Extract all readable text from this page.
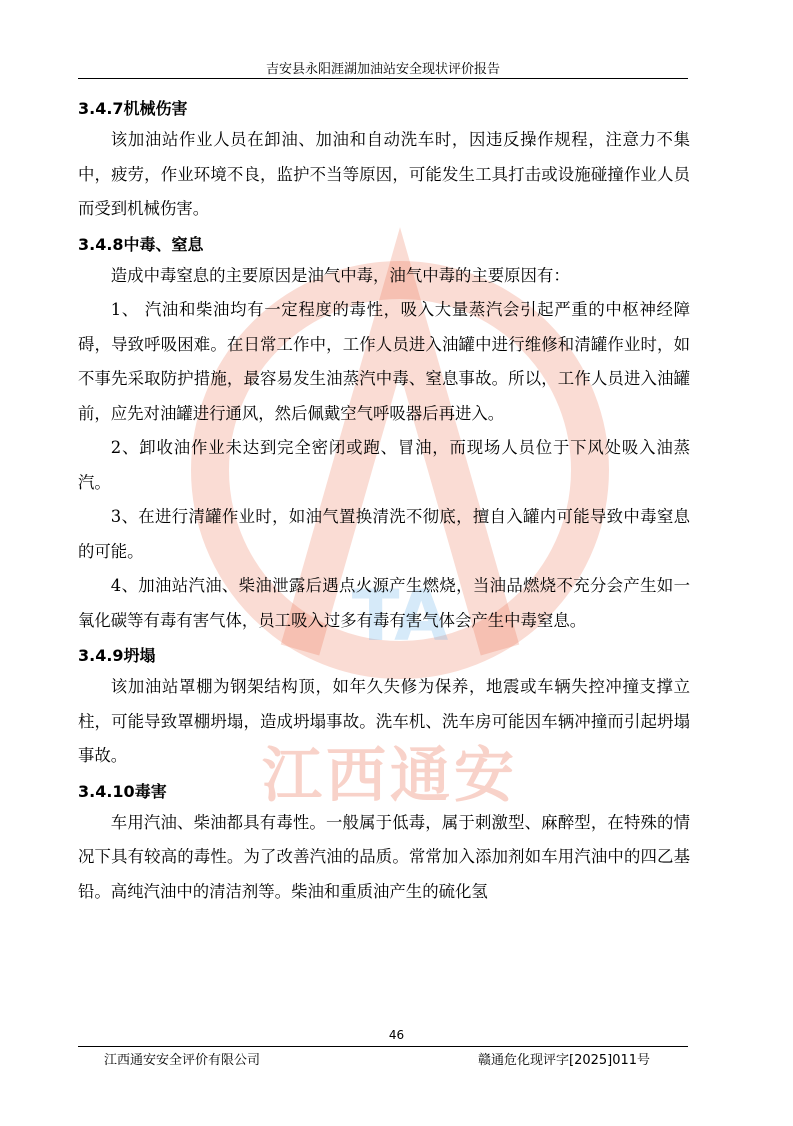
TA
江西通安
吉安县永阳涯湖加油站安全现状评价报告
3.4.7机械伤害

该加油站作业人员在卸油、加油和自动洗车时，因违反操作规程，注意力不集中，疲劳，作业环境不良，监护不当等原因，可能发生工具打击或设施碰撞作业人员而受到机械伤害。

3.4.8中毒、窒息

造成中毒窒息的主要原因是油气中毒，油气中毒的主要原因有：

1、 汽油和柴油均有一定程度的毒性，吸入大量蒸汽会引起严重的中枢神经障碍，导致呼吸困难。在日常工作中，工作人员进入油罐中进行维修和清罐作业时，如不事先采取防护措施，最容易发生油蒸汽中毒、窒息事故。所以，工作人员进入油罐前，应先对油罐进行通风，然后佩戴空气呼吸器后再进入。

2、卸收油作业未达到完全密闭或跑、冒油，而现场人员位于下风处吸入油蒸汽。

3、在进行清罐作业时，如油气置换清洗不彻底，擅自入罐内可能导致中毒窒息的可能。

4、加油站汽油、柴油泄露后遇点火源产生燃烧，当油品燃烧不充分会产生如一氧化碳等有毒有害气体，员工吸入过多有毒有害气体会产生中毒窒息。

3.4.9坍塌

该加油站罩棚为钢架结构顶，如年久失修为保养，地震或车辆失控冲撞支撑立柱，可能导致罩棚坍塌，造成坍塌事故。洗车机、洗车房可能因车辆冲撞而引起坍塌事故。

3.4.10毒害

车用汽油、柴油都具有毒性。一般属于低毒，属于刺激型、麻醉型，在特殊的情况下具有较高的毒性。为了改善汽油的品质。常常加入添加剂如车用汽油中的四乙基铅。高纯汽油中的清洁剂等。柴油和重质油产生的硫化氢

46
江西通安安全评价有限公司	赣通危化现评字[2025]011号
